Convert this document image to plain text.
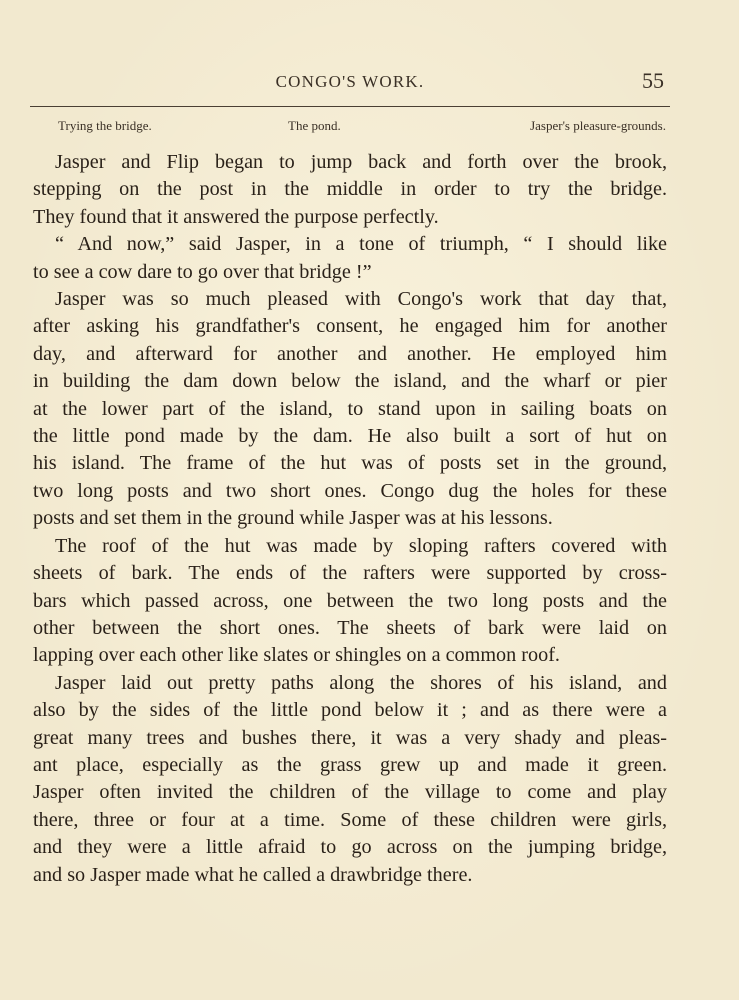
CONGO'S WORK.	55
Trying the bridge.	The pond.	Jasper's pleasure-grounds.
Jasper and Flip began to jump back and forth over the brook,
stepping on the post in the middle in order to try the bridge.
They found that it answered the purpose perfectly.
“ And now,” said Jasper, in a tone of triumph, “ I should like
to see a cow dare to go over that bridge !”
Jasper was so much pleased with Congo's work that day that,
after asking his grandfather's consent, he engaged him for another
day, and afterward for another and another. He employed him
in building the dam down below the island, and the wharf or pier
at the lower part of the island, to stand upon in sailing boats on
the little pond made by the dam. He also built a sort of hut on
his island. The frame of the hut was of posts set in the ground,
two long posts and two short ones. Congo dug the holes for these
posts and set them in the ground while Jasper was at his lessons.
The roof of the hut was made by sloping rafters covered with
sheets of bark. The ends of the rafters were supported by cross-
bars which passed across, one between the two long posts and the
other between the short ones. The sheets of bark were laid on
lapping over each other like slates or shingles on a common roof.
Jasper laid out pretty paths along the shores of his island, and
also by the sides of the little pond below it ; and as there were a
great many trees and bushes there, it was a very shady and pleas-
ant place, especially as the grass grew up and made it green.
Jasper often invited the children of the village to come and play
there, three or four at a time. Some of these children were girls,
and they were a little afraid to go across on the jumping bridge,
and so Jasper made what he called a drawbridge there.
